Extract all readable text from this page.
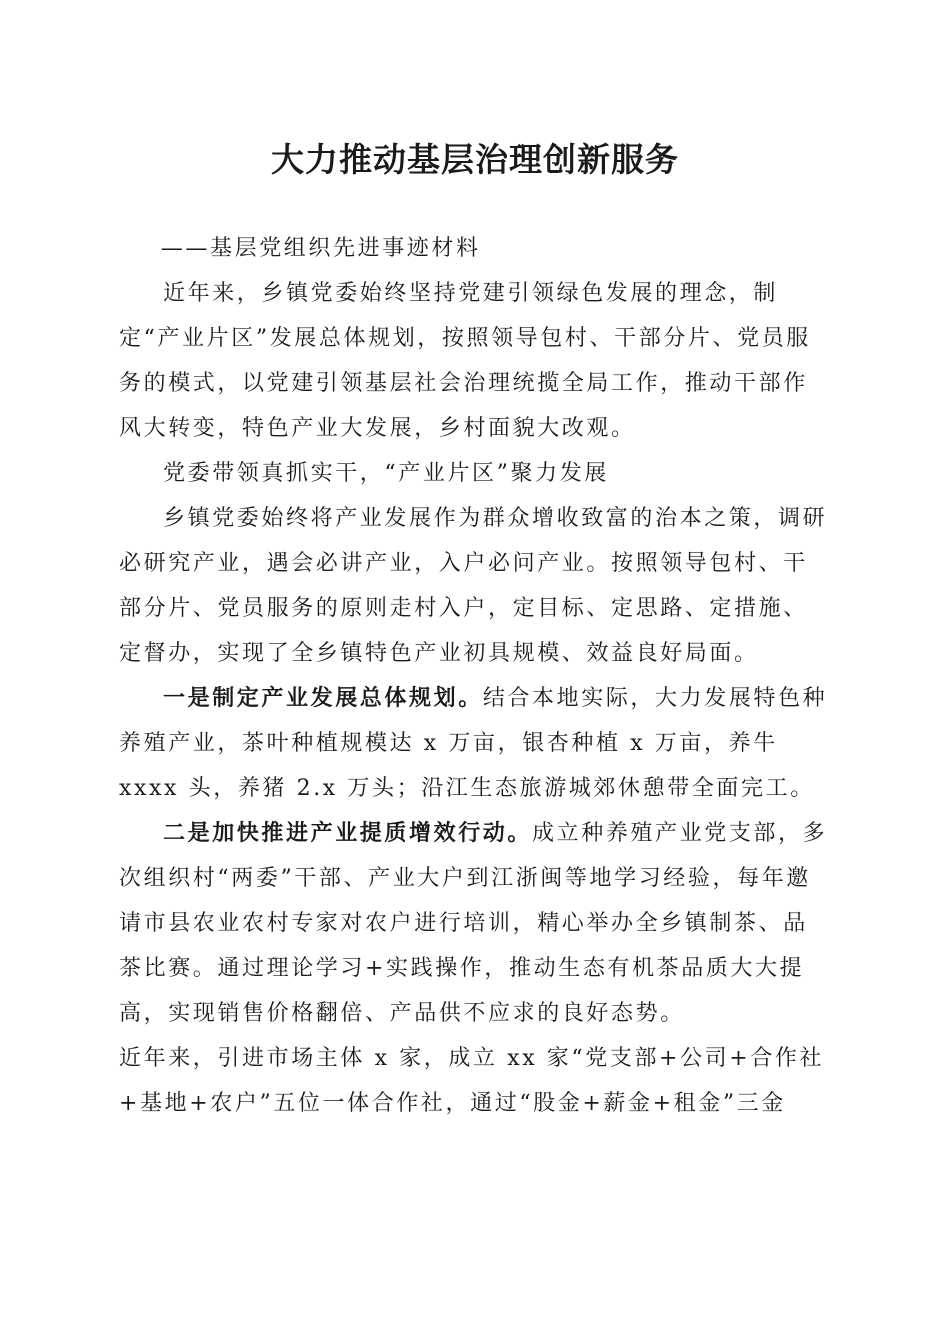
大力推动基层治理创新服务

——基层党组织先进事迹材料

近年来，乡镇党委始终坚持党建引领绿色发展的理念，制定“产业片区”发展总体规划，按照领导包村、干部分片、党员服务的模式，以党建引领基层社会治理统揽全局工作，推动干部作风大转变，特色产业大发展，乡村面貌大改观。

党委带领真抓实干，“产业片区”聚力发展

乡镇党委始终将产业发展作为群众增收致富的治本之策，调研必研究产业，遇会必讲产业，入户必问产业。按照领导包村、干部分片、党员服务的原则走村入户，定目标、定思路、定措施、定督办，实现了全乡镇特色产业初具规模、效益良好局面。

一是制定产业发展总体规划。结合本地实际，大力发展特色种养殖产业，茶叶种植规模达 x 万亩，银杏种植 x 万亩，养牛 xxxx 头，养猪 2.x 万头；沿江生态旅游城郊休憩带全面完工。

二是加快推进产业提质增效行动。成立种养殖产业党支部，多次组织村“两委”干部、产业大户到江浙闽等地学习经验，每年邀请市县农业农村专家对农户进行培训，精心举办全乡镇制茶、品茶比赛。通过理论学习+实践操作，推动生态有机茶品质大大提高，实现销售价格翻倍、产品供不应求的良好态势。

近年来，引进市场主体 x 家，成立 xx 家“党支部+公司+合作社+基地+农户”五位一体合作社，通过“股金+薪金+租金”三金
